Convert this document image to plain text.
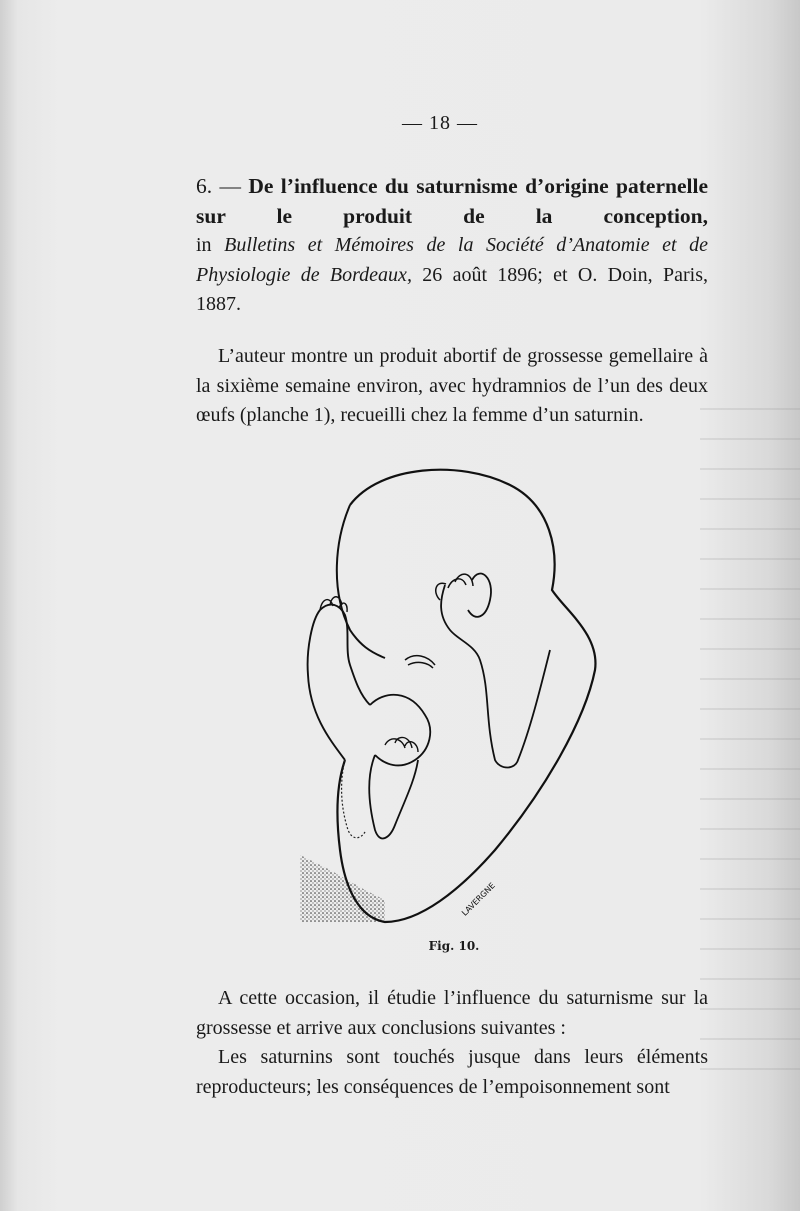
— 18 —
6. — De l’influence du saturnisme d’origine paternelle sur le produit de la conception,
in Bulletins et Mémoires de la Société d’Anatomie et de Physiologie de Bordeaux, 26 août 1896; et O. Doin, Paris, 1887.

L’auteur montre un produit abortif de grossesse gemellaire à la sixième semaine environ, avec hydramnios de l’un des deux œufs (planche 1), recueilli chez la femme d’un saturnin.

LAVERGNE
Fig. 10.

A cette occasion, il étudie l’influence du saturnisme sur la grossesse et arrive aux conclusions suivantes :

Les saturnins sont touchés jusque dans leurs éléments reproducteurs; les conséquences de l’empoisonnement sont
